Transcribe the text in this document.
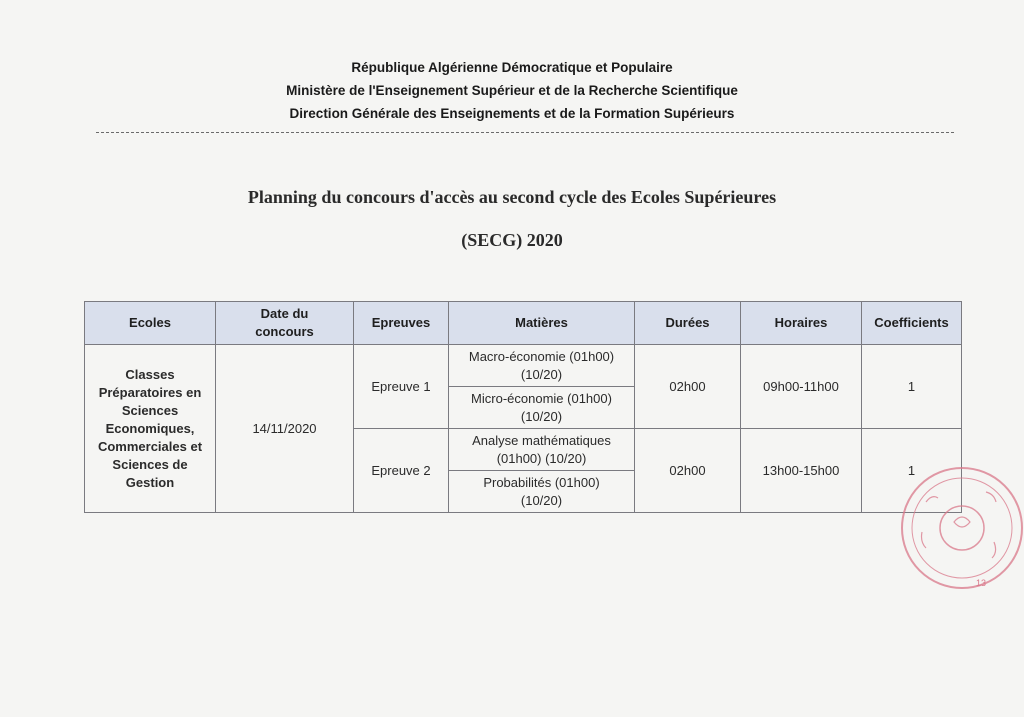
République Algérienne Démocratique et Populaire
Ministère de l'Enseignement Supérieur et de la Recherche Scientifique
Direction Générale des Enseignements et de la Formation Supérieurs
Planning du concours d'accès au second cycle des Ecoles Supérieures
(SECG) 2020
Ecoles	Date du concours	Epreuves	Matières	Durées	Horaires	Coefficients
Classes Préparatoires en Sciences Economiques, Commerciales et Sciences de Gestion	14/11/2020	Epreuve 1	Macro-économie (01h00) (10/20)	02h00	09h00-11h00	1
			Micro-économie (01h00) (10/20)			
		Epreuve 2	Analyse mathématiques (01h00) (10/20)	02h00	13h00-15h00	1
			Probabilités (01h00) (10/20)			
13
